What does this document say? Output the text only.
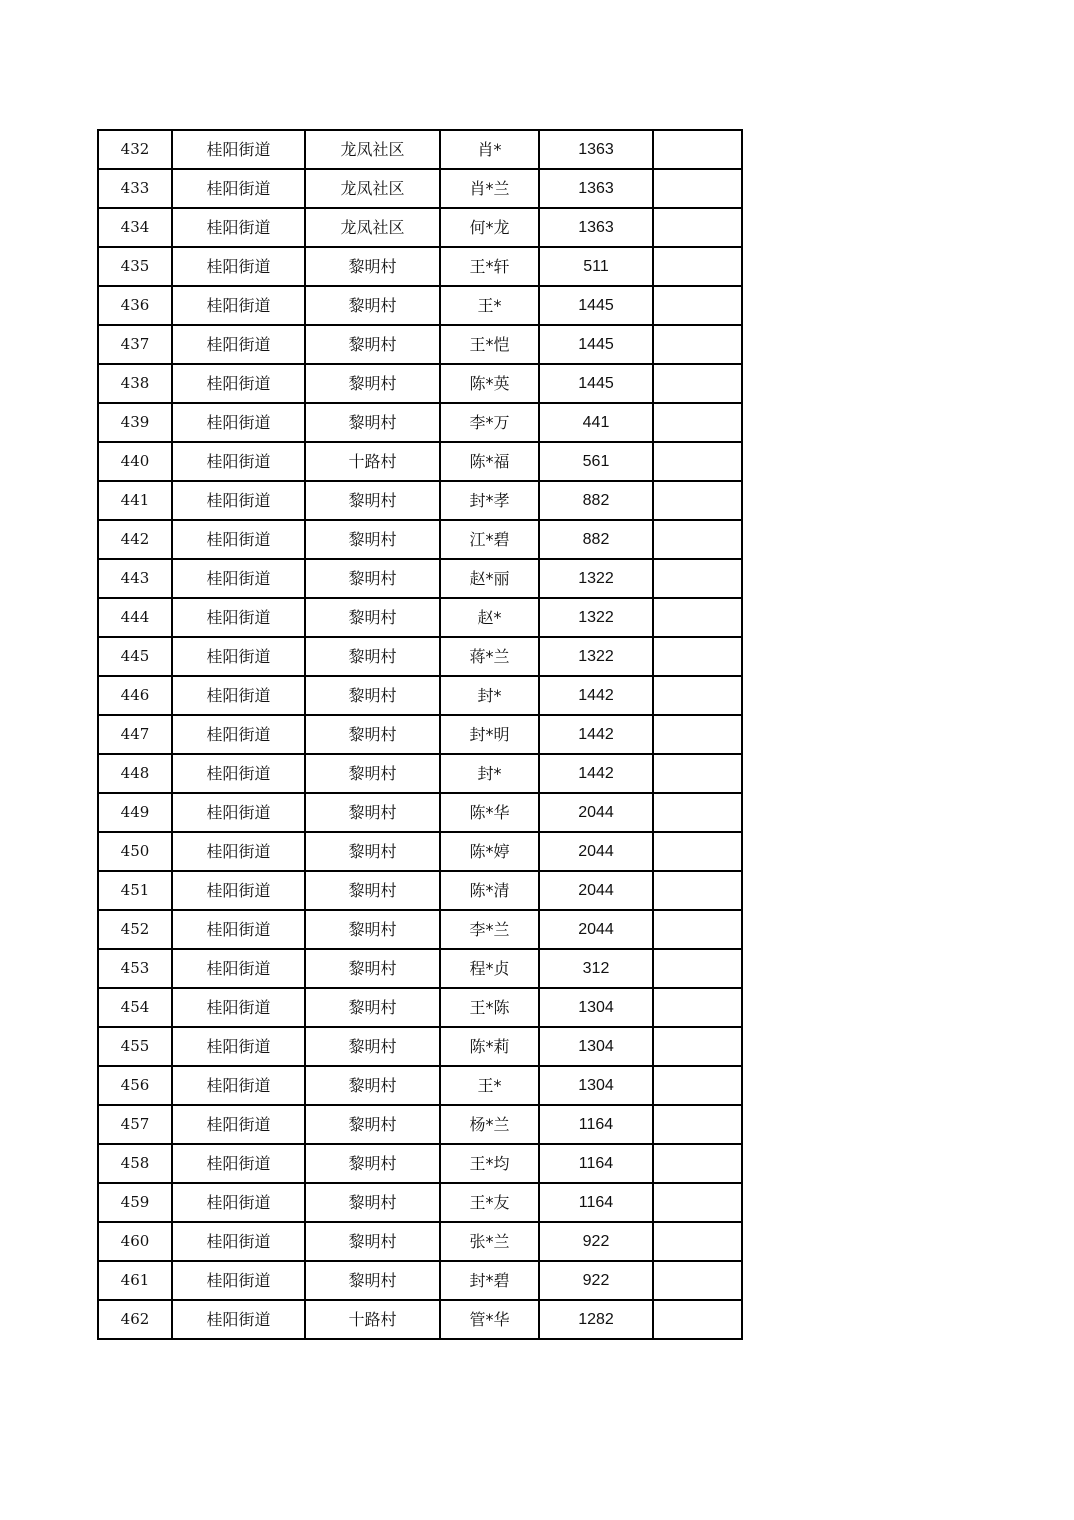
432	桂阳街道	龙凤社区	肖*	1363	
433	桂阳街道	龙凤社区	肖*兰	1363	
434	桂阳街道	龙凤社区	何*龙	1363	
435	桂阳街道	黎明村	王*轩	511	
436	桂阳街道	黎明村	王*	1445	
437	桂阳街道	黎明村	王*恺	1445	
438	桂阳街道	黎明村	陈*英	1445	
439	桂阳街道	黎明村	李*万	441	
440	桂阳街道	十路村	陈*福	561	
441	桂阳街道	黎明村	封*孝	882	
442	桂阳街道	黎明村	江*碧	882	
443	桂阳街道	黎明村	赵*丽	1322	
444	桂阳街道	黎明村	赵*	1322	
445	桂阳街道	黎明村	蒋*兰	1322	
446	桂阳街道	黎明村	封*	1442	
447	桂阳街道	黎明村	封*明	1442	
448	桂阳街道	黎明村	封*	1442	
449	桂阳街道	黎明村	陈*华	2044	
450	桂阳街道	黎明村	陈*婷	2044	
451	桂阳街道	黎明村	陈*清	2044	
452	桂阳街道	黎明村	李*兰	2044	
453	桂阳街道	黎明村	程*贞	312	
454	桂阳街道	黎明村	王*陈	1304	
455	桂阳街道	黎明村	陈*莉	1304	
456	桂阳街道	黎明村	王*	1304	
457	桂阳街道	黎明村	杨*兰	1164	
458	桂阳街道	黎明村	王*均	1164	
459	桂阳街道	黎明村	王*友	1164	
460	桂阳街道	黎明村	张*兰	922	
461	桂阳街道	黎明村	封*碧	922	
462	桂阳街道	十路村	管*华	1282	
